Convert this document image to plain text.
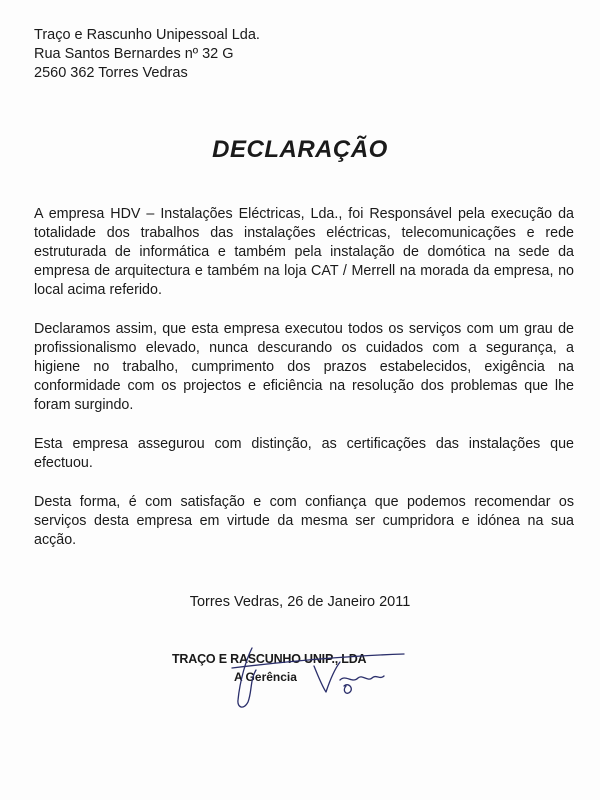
Traço e Rascunho Unipessoal Lda.
Rua Santos Bernardes nº 32 G
2560 362 Torres Vedras
DECLARAÇÃO

A empresa HDV – Instalações Eléctricas, Lda., foi Responsável pela execução da totalidade dos trabalhos das instalações eléctricas, telecomunicações e rede estruturada de informática e também pela instalação de domótica na sede da empresa de arquitectura e também na loja CAT / Merrell na morada da empresa, no local acima referido.

Declaramos assim, que esta empresa executou todos os serviços com um grau de profissionalismo elevado, nunca descurando os cuidados com a segurança, a higiene no trabalho, cumprimento dos prazos estabelecidos, exigência na conformidade com os projectos e eficiência na resolução dos problemas que lhe foram surgindo.

Esta empresa assegurou com distinção, as certificações das instalações que efectuou.

Desta forma, é com satisfação e com confiança que podemos recomendar os serviços desta empresa em virtude da mesma ser cumpridora e idónea na sua acção.

Torres Vedras, 26 de Janeiro 2011
TRAÇO E RASCUNHO UNIP., LDA
A Gerência
